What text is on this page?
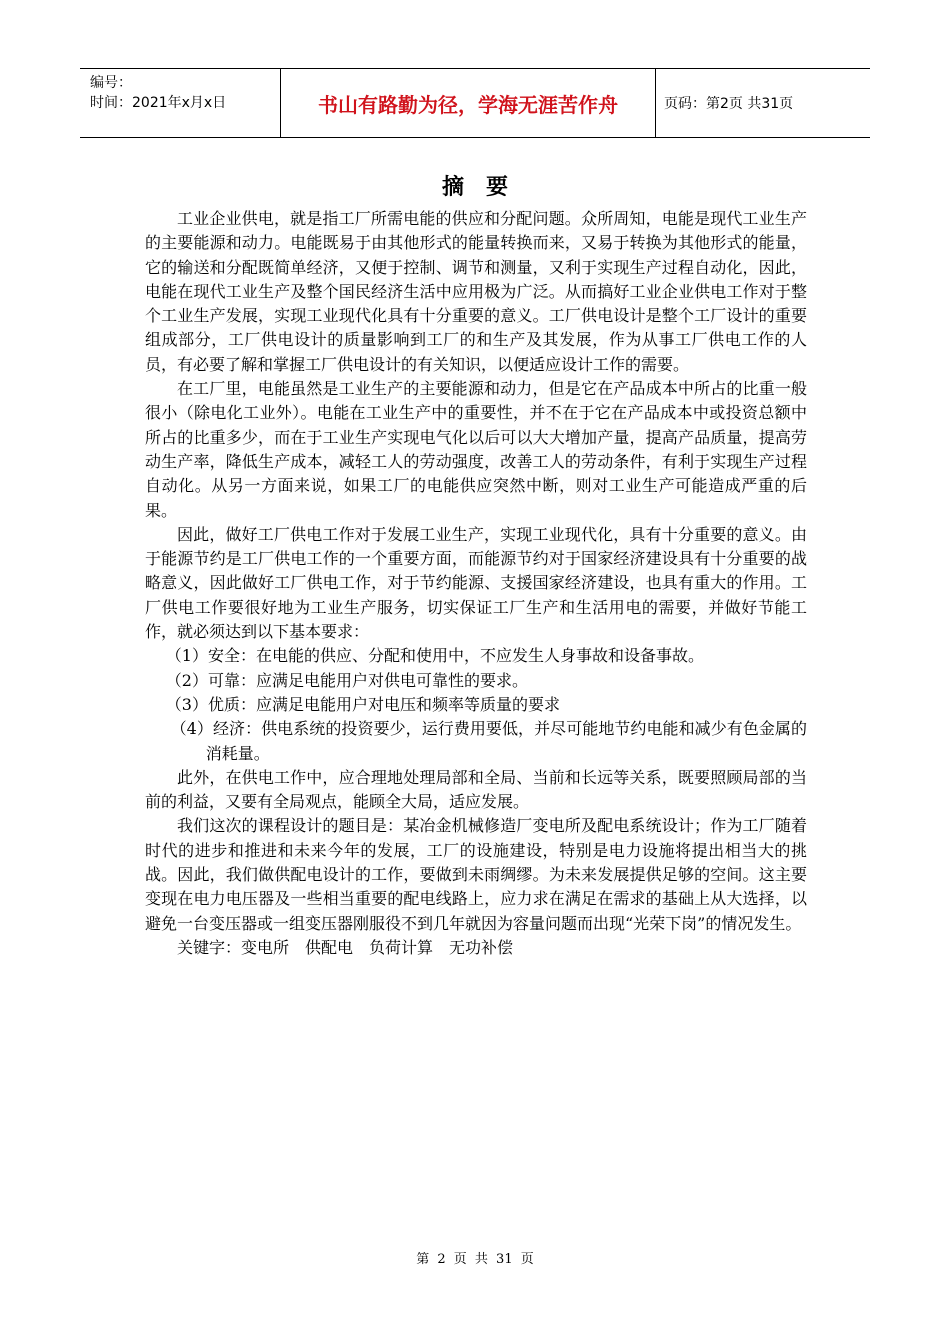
编号：
时间：2021年x月x日	书山有路勤为径，学海无涯苦作舟	页码：第2页 共31页
摘要

工业企业供电，就是指工厂所需电能的供应和分配问题。众所周知，电能是现代工业生产的主要能源和动力。电能既易于由其他形式的能量转换而来，又易于转换为其他形式的能量，它的输送和分配既简单经济，又便于控制、调节和测量，又利于实现生产过程自动化，因此，电能在现代工业生产及整个国民经济生活中应用极为广泛。从而搞好工业企业供电工作对于整个工业生产发展，实现工业现代化具有十分重要的意义。工厂供电设计是整个工厂设计的重要组成部分，工厂供电设计的质量影响到工厂的和生产及其发展，作为从事工厂供电工作的人员，有必要了解和掌握工厂供电设计的有关知识，以便适应设计工作的需要。

在工厂里，电能虽然是工业生产的主要能源和动力，但是它在产品成本中所占的比重一般很小（除电化工业外）。电能在工业生产中的重要性，并不在于它在产品成本中或投资总额中所占的比重多少，而在于工业生产实现电气化以后可以大大增加产量，提高产品质量，提高劳动生产率，降低生产成本，减轻工人的劳动强度，改善工人的劳动条件，有利于实现生产过程自动化。从另一方面来说，如果工厂的电能供应突然中断，则对工业生产可能造成严重的后果。

因此，做好工厂供电工作对于发展工业生产，实现工业现代化，具有十分重要的意义。由于能源节约是工厂供电工作的一个重要方面，而能源节约对于国家经济建设具有十分重要的战略意义，因此做好工厂供电工作，对于节约能源、支援国家经济建设，也具有重大的作用。工厂供电工作要很好地为工业生产服务，切实保证工厂生产和生活用电的需要，并做好节能工作，就必须达到以下基本要求：

（1）安全：在电能的供应、分配和使用中，不应发生人身事故和设备事故。

（2）可靠：应满足电能用户对供电可靠性的要求。

（3）优质：应满足电能用户对电压和频率等质量的要求

（4）经济：供电系统的投资要少，运行费用要低，并尽可能地节约电能和减少有色金属的消耗量。

此外，在供电工作中，应合理地处理局部和全局、当前和长远等关系，既要照顾局部的当前的利益，又要有全局观点，能顾全大局，适应发展。

我们这次的课程设计的题目是：某冶金机械修造厂变电所及配电系统设计；作为工厂随着时代的进步和推进和未来今年的发展，工厂的设施建设，特别是电力设施将提出相当大的挑战。因此，我们做供配电设计的工作，要做到未雨绸缪。为未来发展提供足够的空间。这主要变现在电力电压器及一些相当重要的配电线路上，应力求在满足在需求的基础上从大选择，以避免一台变压器或一组变压器刚服役不到几年就因为容量问题而出现“光荣下岗”的情况发生。

关键字：变电所　供配电　负荷计算　无功补偿

第 2 页 共 31 页
